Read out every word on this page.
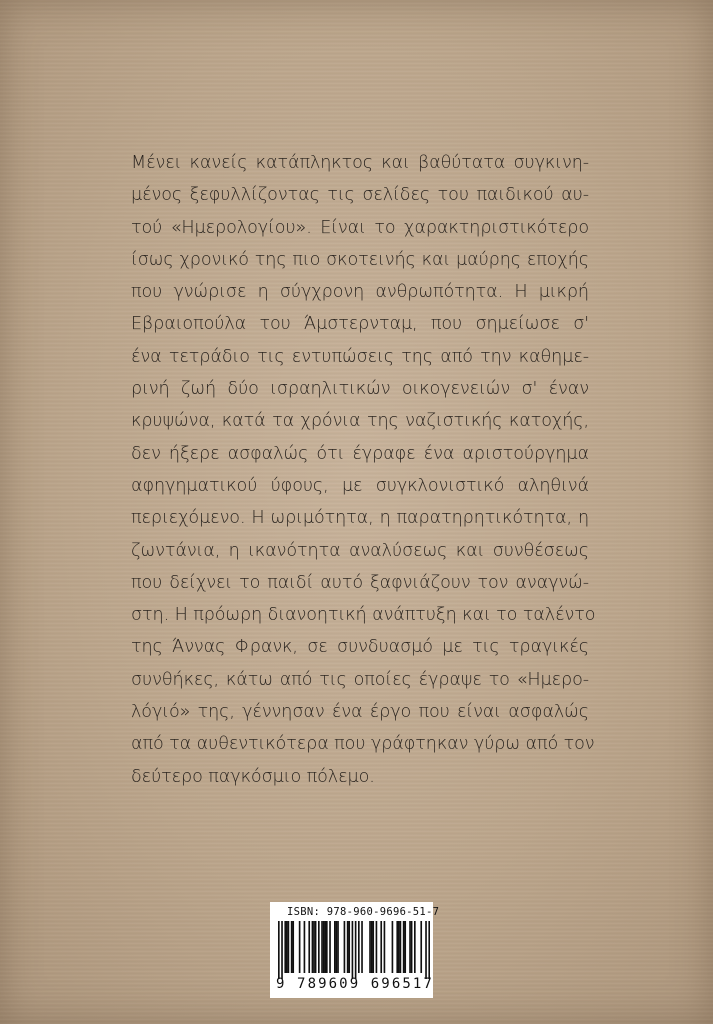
Μένει κανείς κατάπληκτος και βαθύτατα συγκινη-
μένος ξεφυλλίζοντας τις σελίδες του παιδικού αυ-
τού «Ημερολογίου». Είναι το χαρακτηριστικότερο
ίσως χρονικό της πιο σκοτεινής και μαύρης εποχής
που γνώρισε η σύγχρονη ανθρωπότητα. Η μικρή
Εβραιοπούλα του Άμστερνταμ, που σημείωσε σ'
ένα τετράδιο τις εντυπώσεις της από την καθημε-
ρινή ζωή δύο ισραηλιτικών οικογενειών σ' έναν
κρυψώνα, κατά τα χρόνια της ναζιστικής κατοχής,
δεν ήξερε ασφαλώς ότι έγραφε ένα αριστούργημα
αφηγηματικού ύφους, με συγκλονιστικό αληθινά
περιεχόμενο. Η ωριμότητα, η παρατηρητικότητα, η
ζωντάνια, η ικανότητα αναλύσεως και συνθέσεως
που δείχνει το παιδί αυτό ξαφνιάζουν τον αναγνώ-
στη. Η πρόωρη διανοητική ανάπτυξη και το ταλέντο
της Άννας Φρανκ, σε συνδυασμό με τις τραγικές
συνθήκες, κάτω από τις οποίες έγραψε το «Ημερο-
λόγιό» της, γέννησαν ένα έργο που είναι ασφαλώς
από τα αυθεντικότερα που γράφτηκαν γύρω από τον
δεύτερο παγκόσμιο πόλεμο.
ISBN: 978-960-9696-51-7
9 789609 696517
